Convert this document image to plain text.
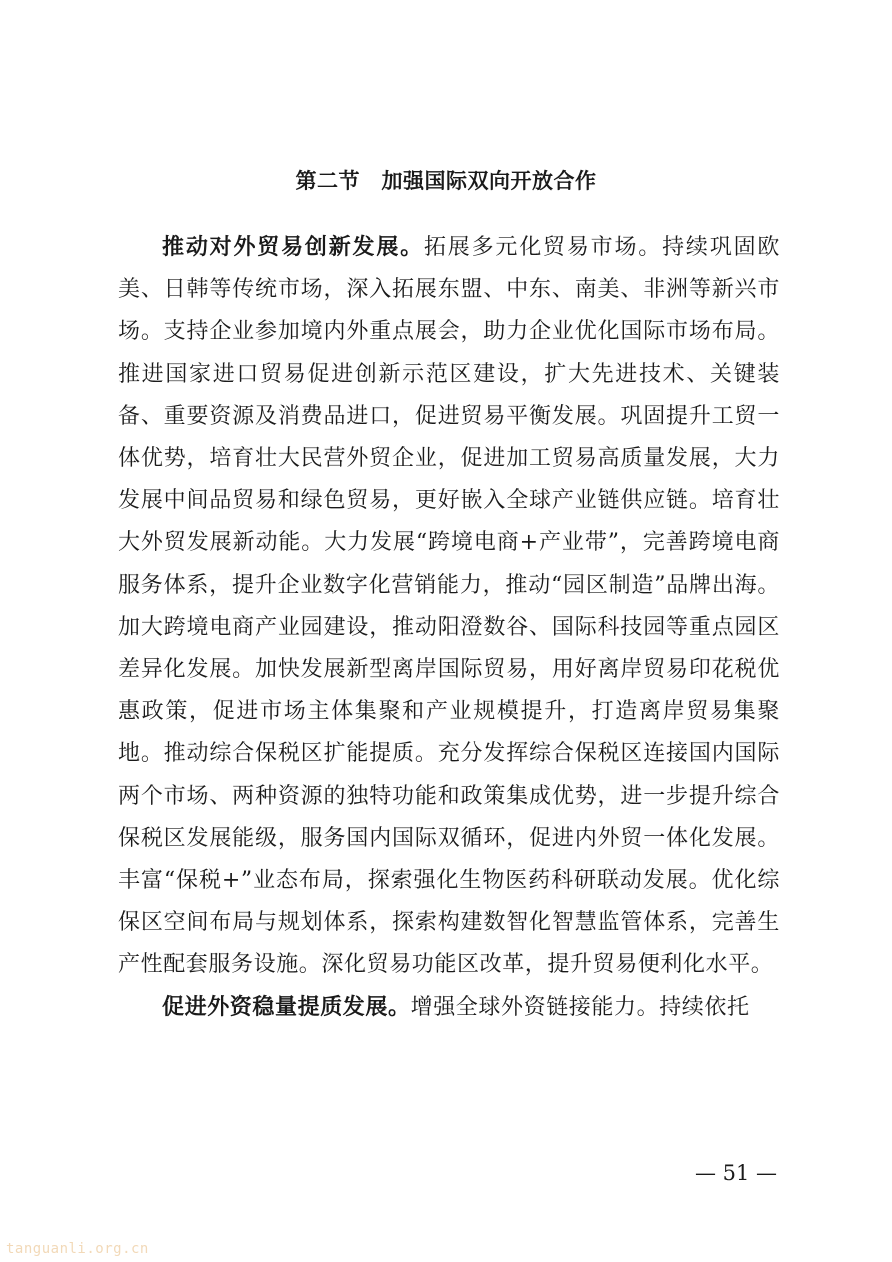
第二节　加强国际双向开放合作

推动对外贸易创新发展。拓展多元化贸易市场。持续巩固欧美、日韩等传统市场，深入拓展东盟、中东、南美、非洲等新兴市场。支持企业参加境内外重点展会，助力企业优化国际市场布局。推进国家进口贸易促进创新示范区建设，扩大先进技术、关键装备、重要资源及消费品进口，促进贸易平衡发展。巩固提升工贸一体优势，培育壮大民营外贸企业，促进加工贸易高质量发展，大力发展中间品贸易和绿色贸易，更好嵌入全球产业链供应链。培育壮大外贸发展新动能。大力发展“跨境电商+产业带”，完善跨境电商服务体系，提升企业数字化营销能力，推动“园区制造”品牌出海。加大跨境电商产业园建设，推动阳澄数谷、国际科技园等重点园区差异化发展。加快发展新型离岸国际贸易，用好离岸贸易印花税优惠政策，促进市场主体集聚和产业规模提升，打造离岸贸易集聚地。推动综合保税区扩能提质。充分发挥综合保税区连接国内国际两个市场、两种资源的独特功能和政策集成优势，进一步提升综合保税区发展能级，服务国内国际双循环，促进内外贸一体化发展。丰富“保税+”业态布局，探索强化生物医药科研联动发展。优化综保区空间布局与规划体系，探索构建数智化智慧监管体系，完善生产性配套服务设施。深化贸易功能区改革，提升贸易便利化水平。

促进外资稳量提质发展。增强全球外资链接能力。持续依托

— 51 —
tanguanli.org.cn
